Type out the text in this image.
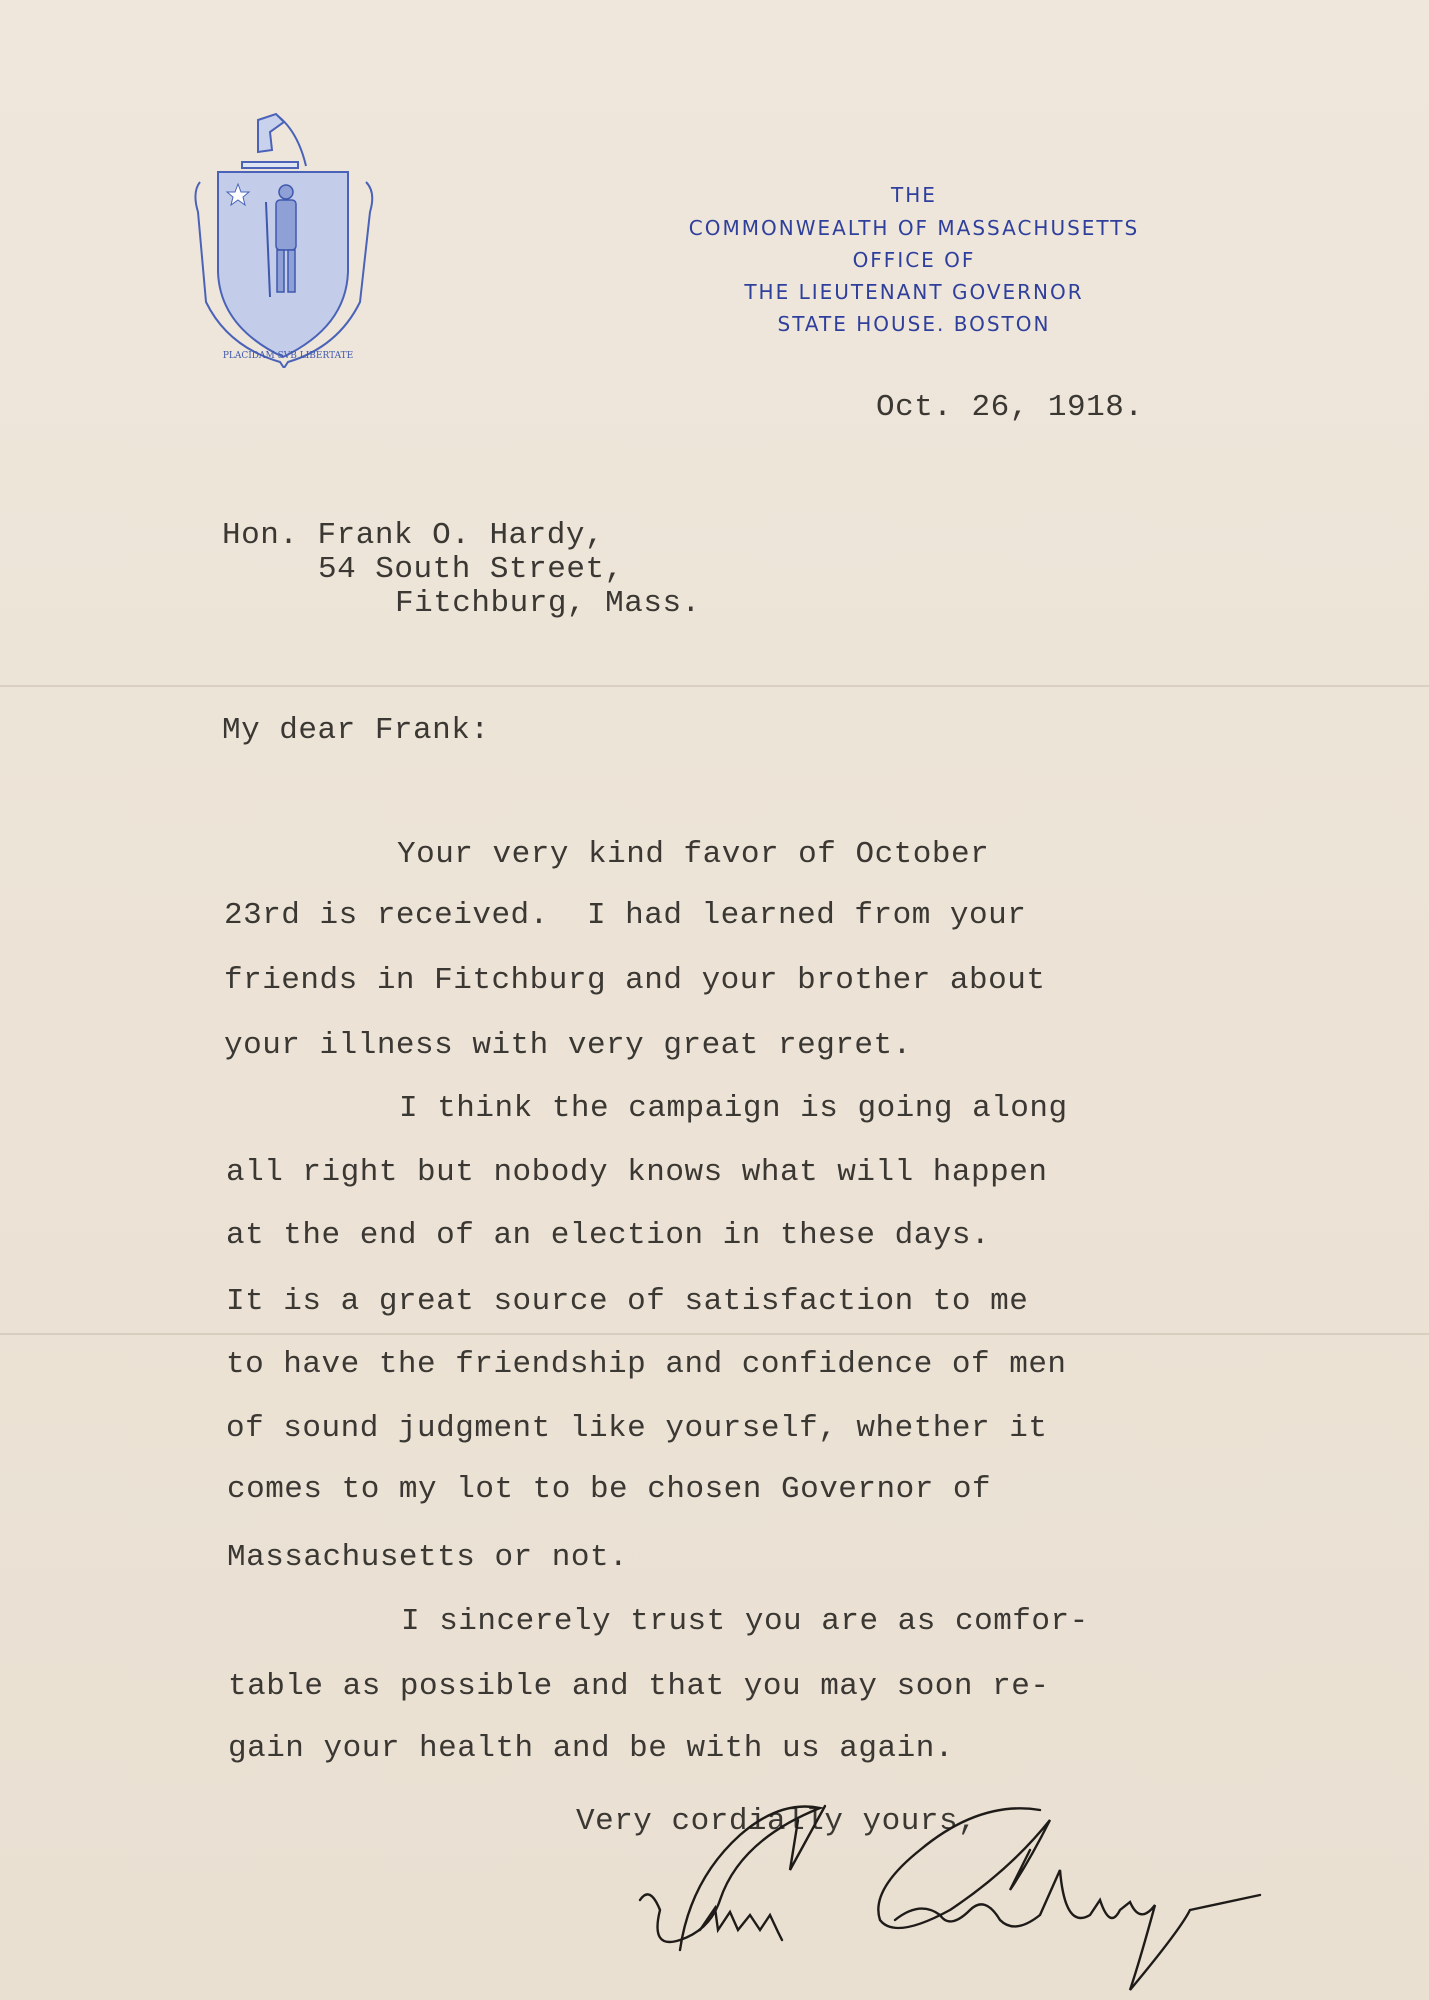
PLACIDAM SVB LIBERTATE
THE
COMMONWEALTH OF MASSACHUSETTS
OFFICE OF
THE LIEUTENANT GOVERNOR
STATE HOUSE. BOSTON
Oct. 26, 1918.
Hon. Frank O. Hardy,
54 South Street,
Fitchburg, Mass.
My dear Frank:
Your very kind favor of October
23rd is received.  I had learned from your
friends in Fitchburg and your brother about
your illness with very great regret.
I think the campaign is going along
all right but nobody knows what will happen
at the end of an election in these days.
It is a great source of satisfaction to me
to have the friendship and confidence of men
of sound judgment like yourself, whether it
comes to my lot to be chosen Governor of
Massachusetts or not.
I sincerely trust you are as comfor-
table as possible and that you may soon re-
gain your health and be with us again.
Very cordially yours,
